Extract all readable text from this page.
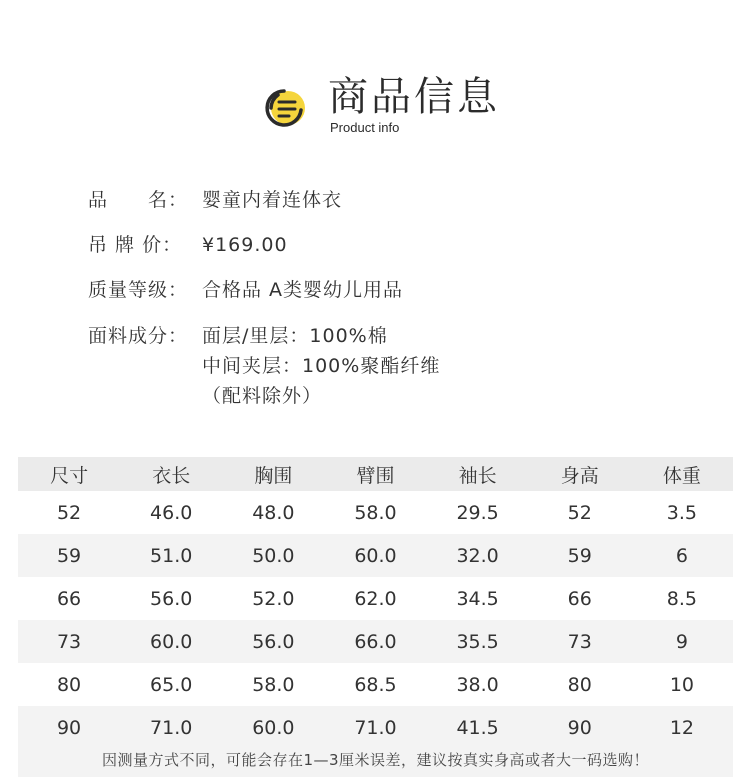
商品信息
Product info
品　　名： 婴童内着连体衣
吊 牌 价：	¥169.00
质量等级： 合格品 A类婴幼儿用品
面料成分： 面层/里层：100%棉
中间夹层：100%聚酯纤维
（配料除外）
尺寸	衣长	胸围	臂围	袖长	身高	体重
52	46.0	48.0	58.0	29.5	52	3.5
59	51.0	50.0	60.0	32.0	59	6
66	56.0	52.0	62.0	34.5	66	8.5
73	60.0	56.0	66.0	35.5	73	9
80	65.0	58.0	68.5	38.0	80	10
90	71.0	60.0	71.0	41.5	90	12
因测量方式不同，可能会存在1—3厘米误差，建议按真实身高或者大一码选购！
